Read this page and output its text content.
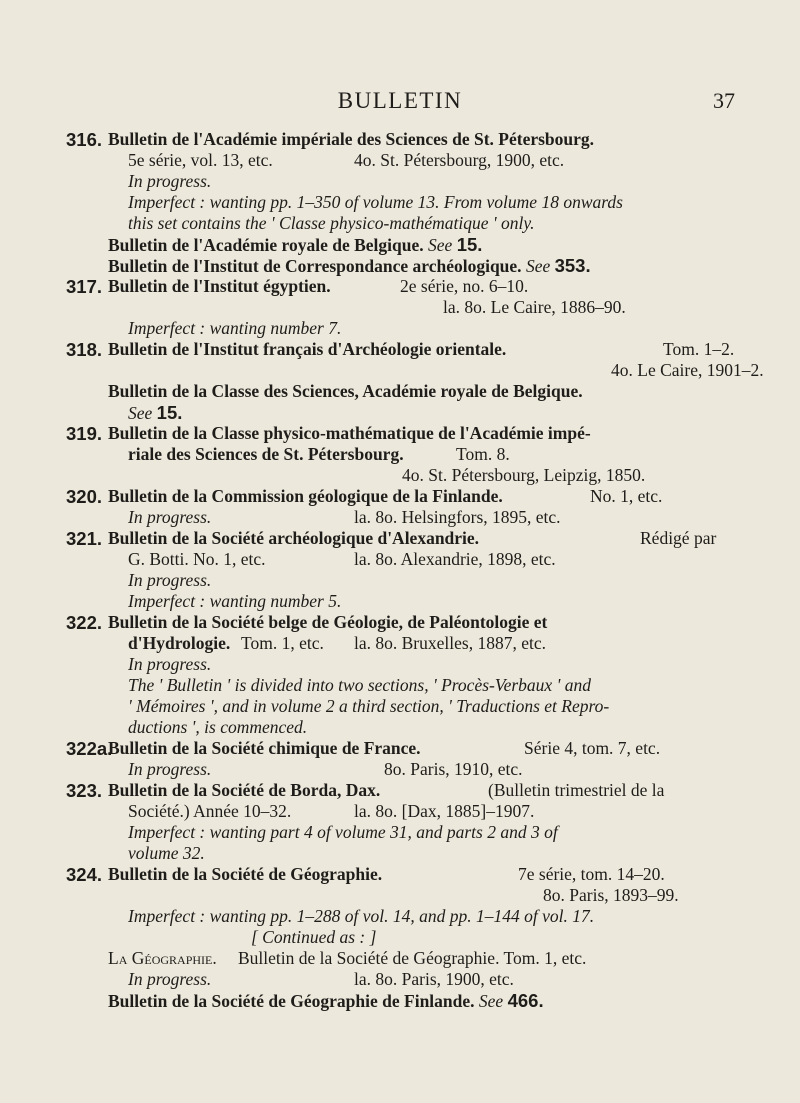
BULLETIN	37
316. Bulletin de l'Académie impériale des Sciences de St. Pétersbourg.
5e série, vol. 13, etc.	4o. St. Pétersbourg, 1900, etc.
In progress.
Imperfect : wanting pp. 1–350 of volume 13. From volume 18 onwards
this set contains the ' Classe physico-mathématique ' only.
Bulletin de l'Académie royale de Belgique. See 15.
Bulletin de l'Institut de Correspondance archéologique. See 353.
317. Bulletin de l'Institut égyptien.	2e série, no. 6–10.
la. 8o. Le Caire, 1886–90.
Imperfect : wanting number 7.
318. Bulletin de l'Institut français d'Archéologie orientale.	Tom. 1–2.
4o. Le Caire, 1901–2.
Bulletin de la Classe des Sciences, Académie royale de Belgique.
See 15.
319. Bulletin de la Classe physico-mathématique de l'Académie impé-
riale des Sciences de St. Pétersbourg.	Tom. 8.
4o. St. Pétersbourg, Leipzig, 1850.
320. Bulletin de la Commission géologique de la Finlande.	No. 1, etc.
In progress.	la. 8o. Helsingfors, 1895, etc.
321. Bulletin de la Société archéologique d'Alexandrie.	Rédigé par
G. Botti. No. 1, etc.	la. 8o. Alexandrie, 1898, etc.
In progress.
Imperfect : wanting number 5.
322. Bulletin de la Société belge de Géologie, de Paléontologie et
d'Hydrologie. Tom. 1, etc. la. 8o. Bruxelles, 1887, etc.
In progress.
The ' Bulletin ' is divided into two sections, ' Procès-Verbaux ' and
' Mémoires ', and in volume 2 a third section, ' Traductions et Repro-
ductions ', is commenced.
322a.
Bulletin de la Société chimique de France.	Série 4, tom. 7, etc.
In progress.	8o. Paris, 1910, etc.
323. Bulletin de la Société de Borda, Dax.	(Bulletin trimestriel de la
Société.) Année 10–32.	la. 8o. [Dax, 1885]–1907.
Imperfect : wanting part 4 of volume 31, and parts 2 and 3 of
volume 32.
324. Bulletin de la Société de Géographie.	7e série, tom. 14–20.
8o. Paris, 1893–99.
Imperfect : wanting pp. 1–288 of vol. 14, and pp. 1–144 of vol. 17.
[ Continued as : ]
La Géographie. Bulletin de la Société de Géographie. Tom. 1, etc.
In progress.	la. 8o. Paris, 1900, etc.
Bulletin de la Société de Géographie de Finlande. See 466.
